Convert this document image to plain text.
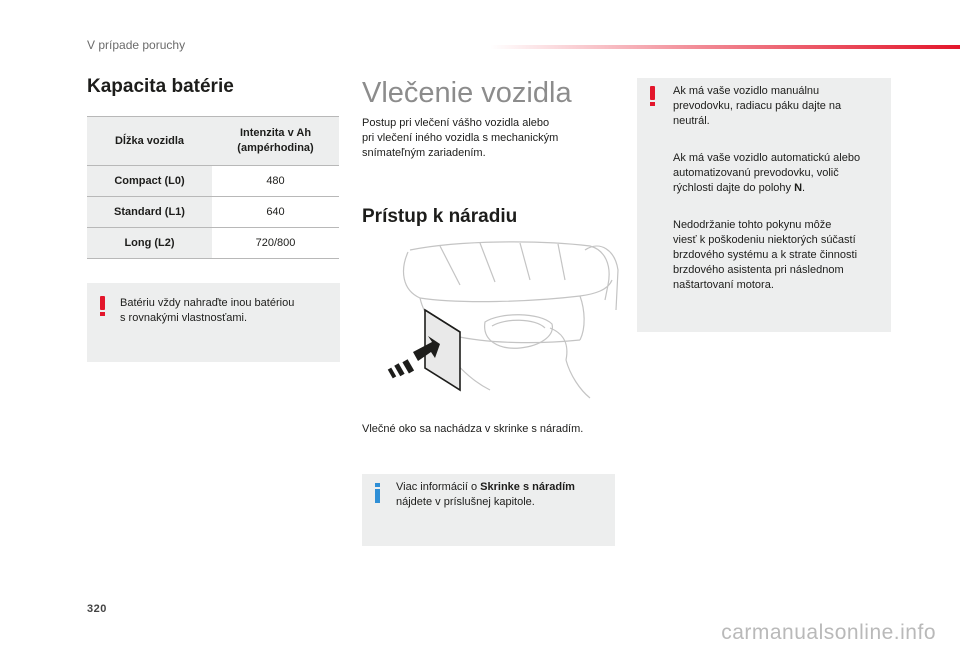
V prípade poruchy
Kapacita batérie
Dĺžka vozidla	Intenzita v Ah
(ampérhodina)
Compact (L0)	480
Standard (L1)	640
Long (L2)	720/800
Batériu vždy nahraďte inou batériou
s rovnakými vlastnosťami.
Vlečenie vozidla
Postup pri vlečení vášho vozidla alebo
pri vlečení iného vozidla s mechanickým
snímateľným zariadením.
Prístup k náradiu
Vlečné oko sa nachádza v skrinke s náradím.
Viac informácií o Skrinke s náradím
nájdete v príslušnej kapitole.
Ak má vaše vozidlo manuálnu
prevodovku, radiacu páku dajte na
neutrál.
Ak má vaše vozidlo automatickú alebo
automatizovanú prevodovku, volič
rýchlosti dajte do polohy N.
Nedodržanie tohto pokynu môže
viesť k poškodeniu niektorých súčastí
brzdového systému a k strate činnosti
brzdového asistenta pri následnom
naštartovaní motora.
320
carmanualsonline.info
